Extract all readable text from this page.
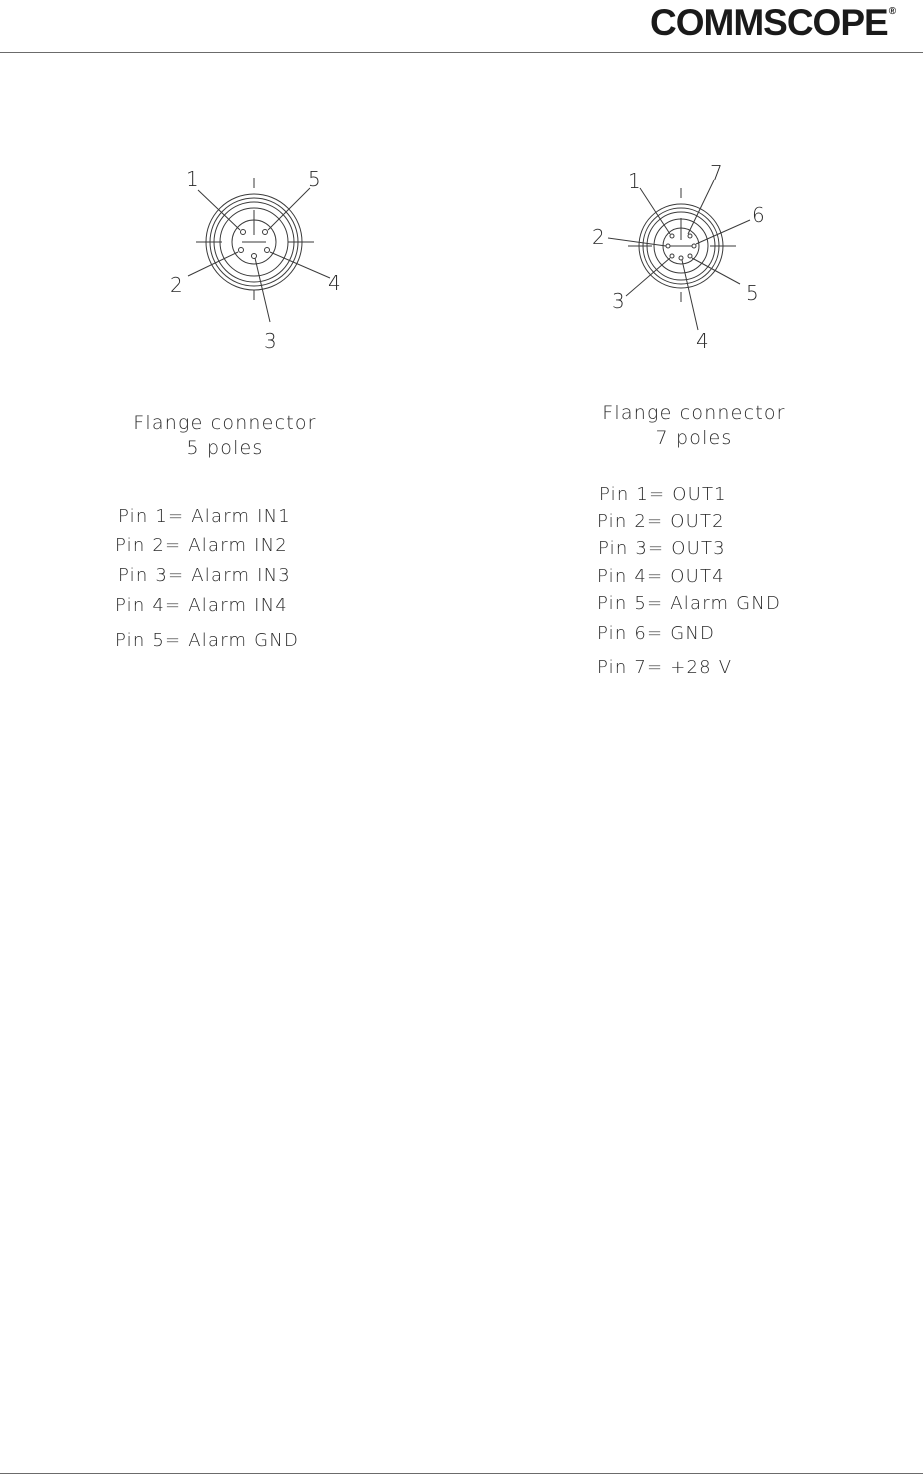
COMMSCOPE®
1
2
3
4
5	1
2
3
4
5
6
7
Flange connector
5 poles
Flange connector
7 poles
Pin 1= Alarm IN1
Pin 2= Alarm IN2
Pin 3= Alarm IN3
Pin 4= Alarm IN4
Pin 5= Alarm GND
Pin 1= OUT1
Pin 2= OUT2
Pin 3= OUT3
Pin 4= OUT4
Pin 5= Alarm GND
Pin 6= GND
Pin 7= +28 V
